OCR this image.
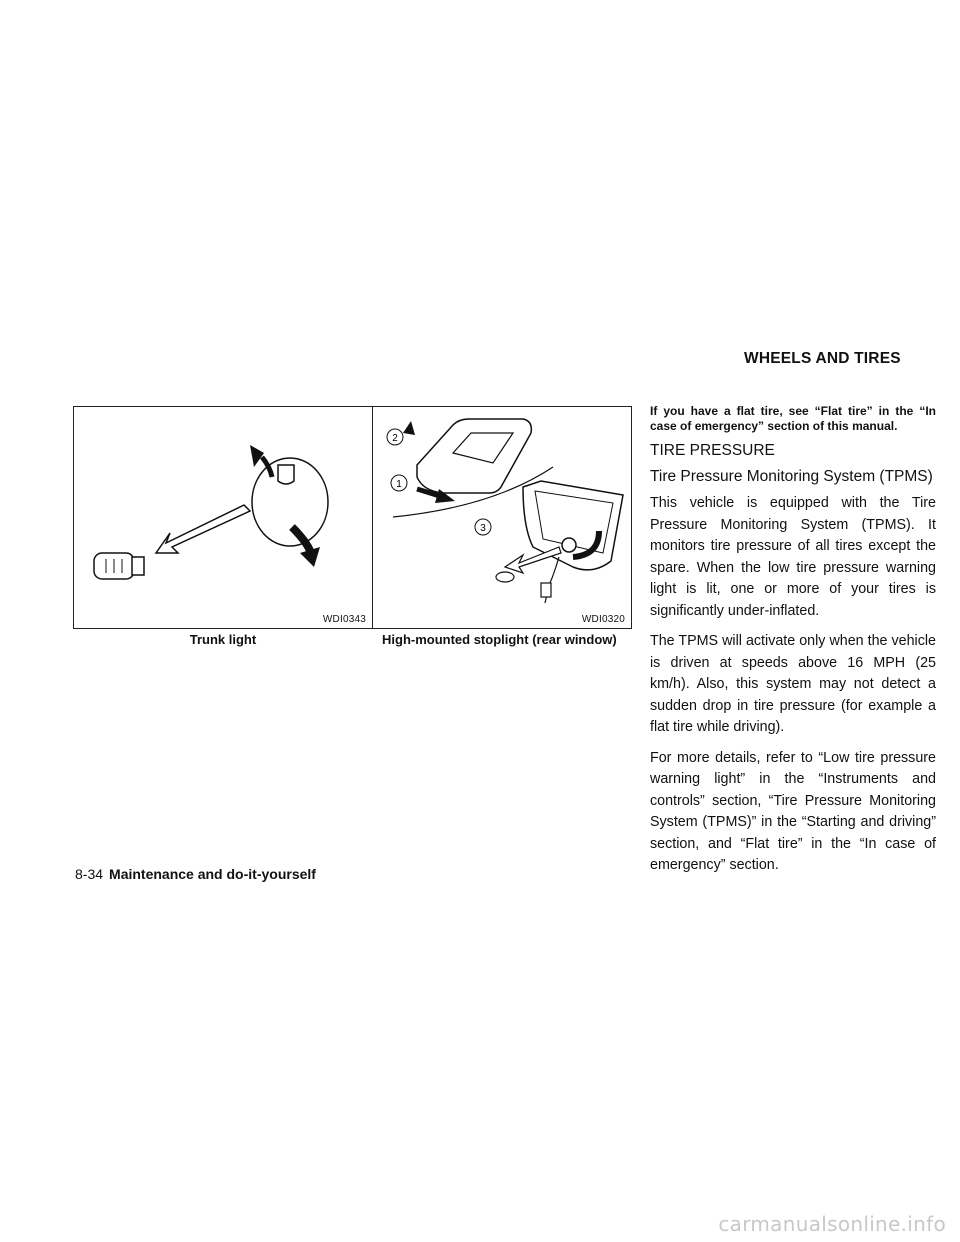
WHEELS AND TIRES
WDI0343
Trunk light
2
1
3
WDI0320
High-mounted stoplight (rear window)

If you have a flat tire, see “Flat tire” in the “In case of emergency” section of this manual.

TIRE PRESSURE
Tire Pressure Monitoring System (TPMS)

This vehicle is equipped with the Tire Pressure Monitoring System (TPMS). It monitors tire pressure of all tires except the spare. When the low tire pressure warning light is lit, one or more of your tires is significantly under-inflated.

The TPMS will activate only when the vehicle is driven at speeds above 16 MPH (25 km/h). Also, this system may not detect a sudden drop in tire pressure (for example a flat tire while driving).

For more details, refer to “Low tire pressure warning light” in the “Instruments and controls” section, “Tire Pressure Monitoring System (TPMS)” in the “Starting and driving” section, and “Flat tire” in the “In case of emergency” section.

8-34 Maintenance and do-it-yourself
carmanualsonline.info
